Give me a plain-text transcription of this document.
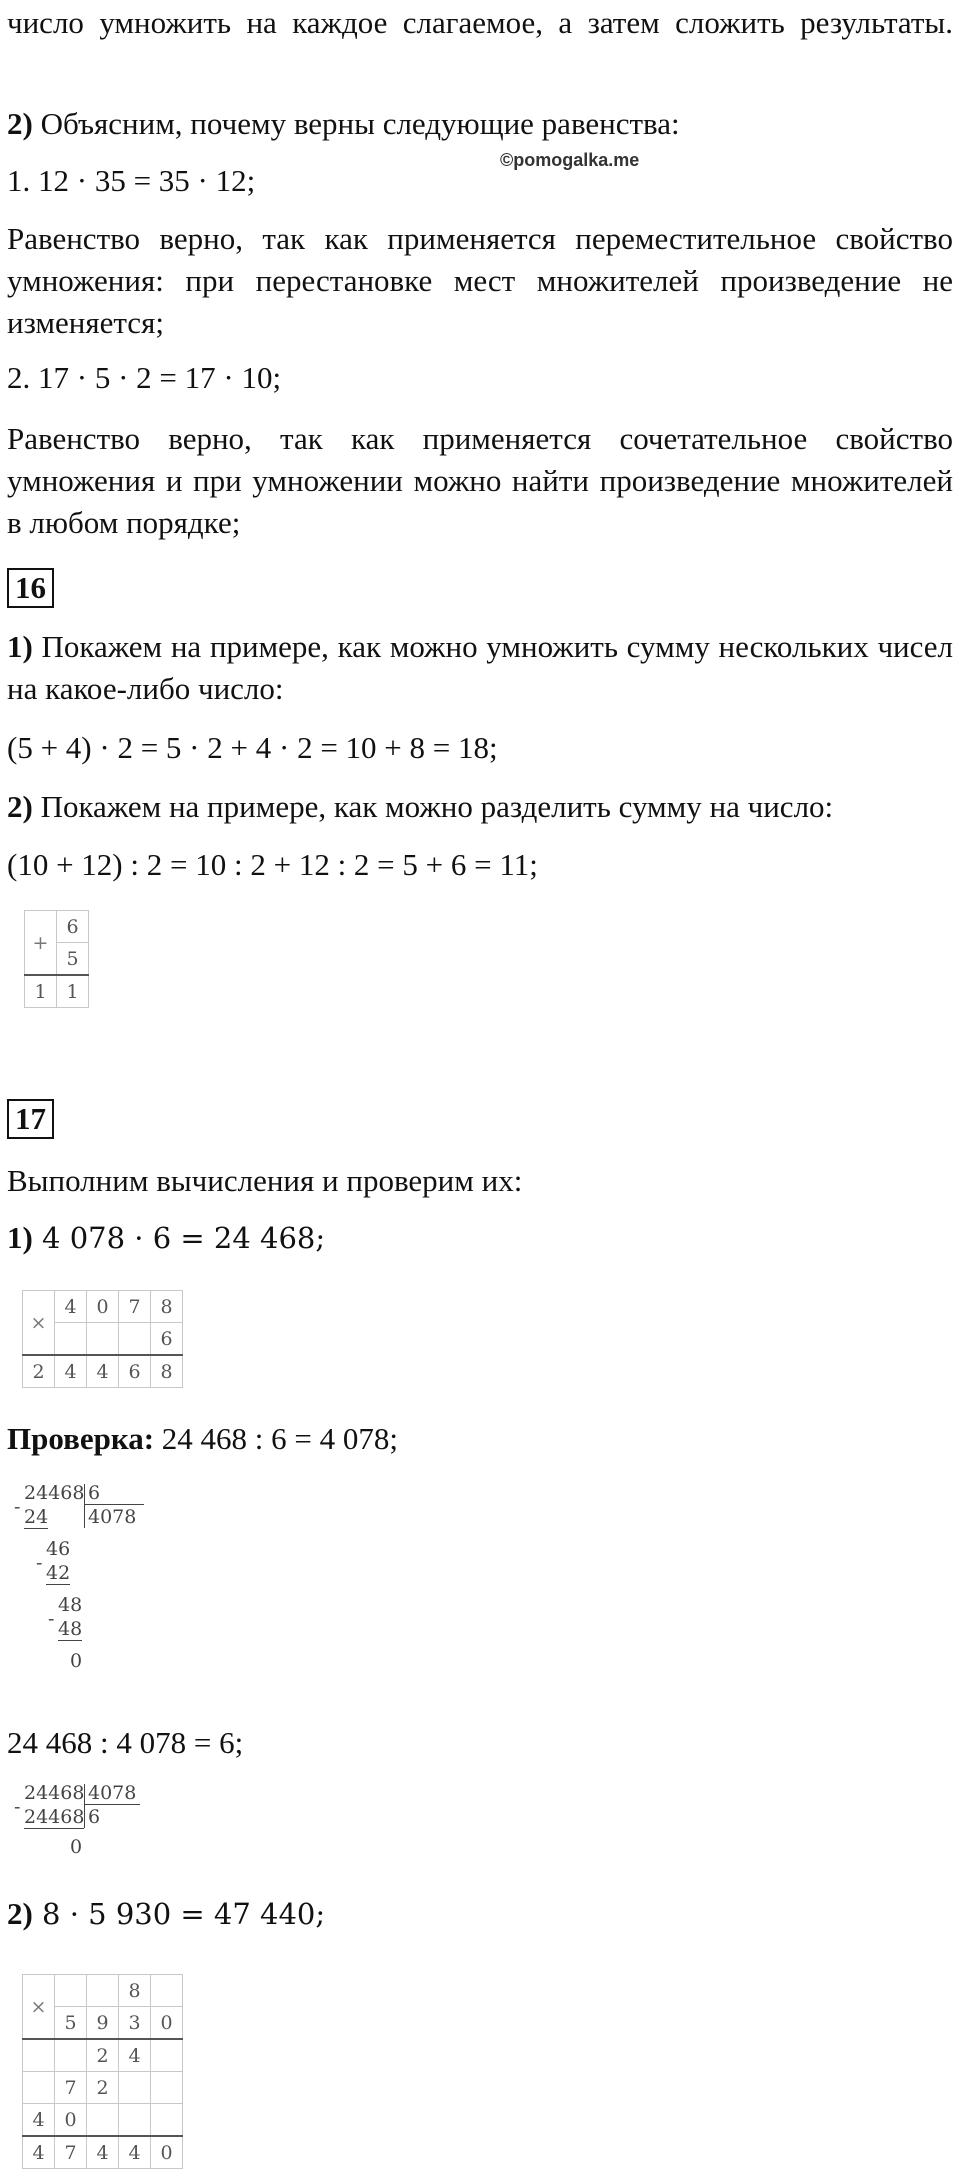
число умножить на каждое слагаемое, а затем сложить результаты.

2) Объясним, почему верны следующие равенства:
1. 12 · 35 = 35 · 12;
©pomogalka.me

Равенство верно, так как применяется переместительное свойство умножения: при перестановке мест множителей произведение не изменяется;

2. 17 · 5 · 2 = 17 · 10;

Равенство верно, так как применяется сочетательное свойство умножения и при умножении можно найти произведение множителей в любом порядке;

16

1) Покажем на примере, как можно умножить сумму нескольких чисел на какое-либо число:

(5 + 4) · 2 = 5 · 2 + 4 · 2 = 10 + 8 = 18;
2) Покажем на примере, как можно разделить сумму на число:
(10 + 12) : 2 = 10 : 2 + 12 : 2 = 5 + 6 = 11;
+	6
	5
1	1
17
Выполним вычисления и проверим их:
1) 4 078 · 6 = 24 468;
×	4	0	7	8
				6
2	4	4	6	8
Проверка: 24 468 : 6 = 4 078;
24468 6
4078
- 24
46
- 42
48
- 48
0
24 468 : 4 078 = 6;
24468 4078
6
- 24468
0
2) 8 · 5 930 = 47 440;
×			8	
	5	9	3	0
		2	4	
	7	2		
4	0			
4	7	4	4	0
